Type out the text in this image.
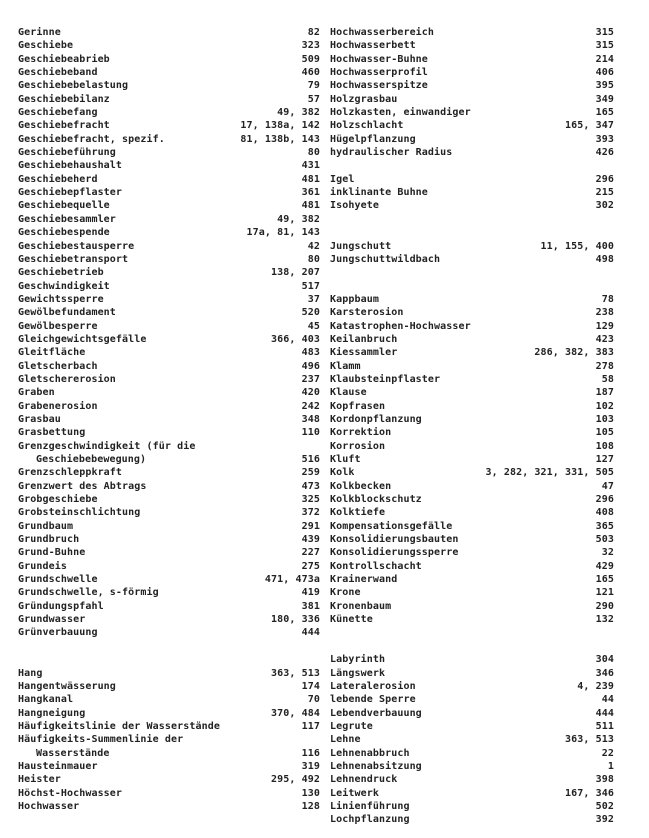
Gerinne	82
Geschiebe	323
Geschiebeabrieb	509
Geschiebeband	460
Geschiebebelastung	79
Geschiebebilanz	57
Geschiebefang	49, 382
Geschiebefracht	17, 138a, 142
Geschiebefracht, spezif.	81, 138b, 143
Geschiebeführung	80
Geschiebehaushalt	431
Geschiebeherd	481
Geschiebepflaster	361
Geschiebequelle	481
Geschiebesammler	49, 382
Geschiebespende	17a, 81, 143
Geschiebestausperre	42
Geschiebetransport	80
Geschiebetrieb	138, 207
Geschwindigkeit	517
Gewichtssperre	37
Gewölbefundament	520
Gewölbesperre	45
Gleichgewichtsgefälle	366, 403
Gleitfläche	483
Gletscherbach	496
Gletschererosion	237
Graben	420
Grabenerosion	242
Grasbau	348
Grasbettung	110
Grenzgeschwindigkeit (für die
Geschiebebewegung)	516
Grenzschleppkraft	259
Grenzwert des Abtrags	473
Grobgeschiebe	325
Grobsteinschlichtung	372
Grundbaum	291
Grundbruch	439
Grund-Buhne	227
Grundeis	275
Grundschwelle	471, 473a
Grundschwelle, s-förmig	419
Gründungspfahl	381
Grundwasser	180, 336
Grünverbauung	444
Hang	363, 513
Hangentwässerung	174
Hangkanal	70
Hangneigung	370, 484
Häufigkeitslinie der Wasserstände	117
Häufigkeits-Summenlinie der
Wasserstände	116
Hausteinmauer	319
Heister	295, 492
Höchst-Hochwasser	130
Hochwasser	128
Hochwasserbereich	315
Hochwasserbett	315
Hochwasser-Buhne	214
Hochwasserprofil	406
Hochwasserspitze	395
Holzgrasbau	349
Holzkasten, einwandiger	165
Holzschlacht	165, 347
Hügelpflanzung	393
hydraulischer Radius	426
Igel	296
inklinante Buhne	215
Isohyete	302
Jungschutt	11, 155, 400
Jungschuttwildbach	498
Kappbaum	78
Karsterosion	238
Katastrophen-Hochwasser	129
Keilanbruch	423
Kiessammler	286, 382, 383
Klamm	278
Klaubsteinpflaster	58
Klause	187
Kopfrasen	102
Kordonpflanzung	103
Korrektion	105
Korrosion	108
Kluft	127
Kolk	3, 282, 321, 331, 505
Kolkbecken	47
Kolkblockschutz	296
Kolktiefe	408
Kompensationsgefälle	365
Konsolidierungsbauten	503
Konsolidierungssperre	32
Kontrollschacht	429
Krainerwand	165
Krone	121
Kronenbaum	290
Künette	132
Labyrinth	304
Längswerk	346
Lateralerosion	4, 239
lebende Sperre	44
Lebendverbauung	444
Legrute	511
Lehne	363, 513
Lehnenabbruch	22
Lehnenabsitzung	1
Lehnendruck	398
Leitwerk	167, 346
Linienführung	502
Lochpflanzung	392
